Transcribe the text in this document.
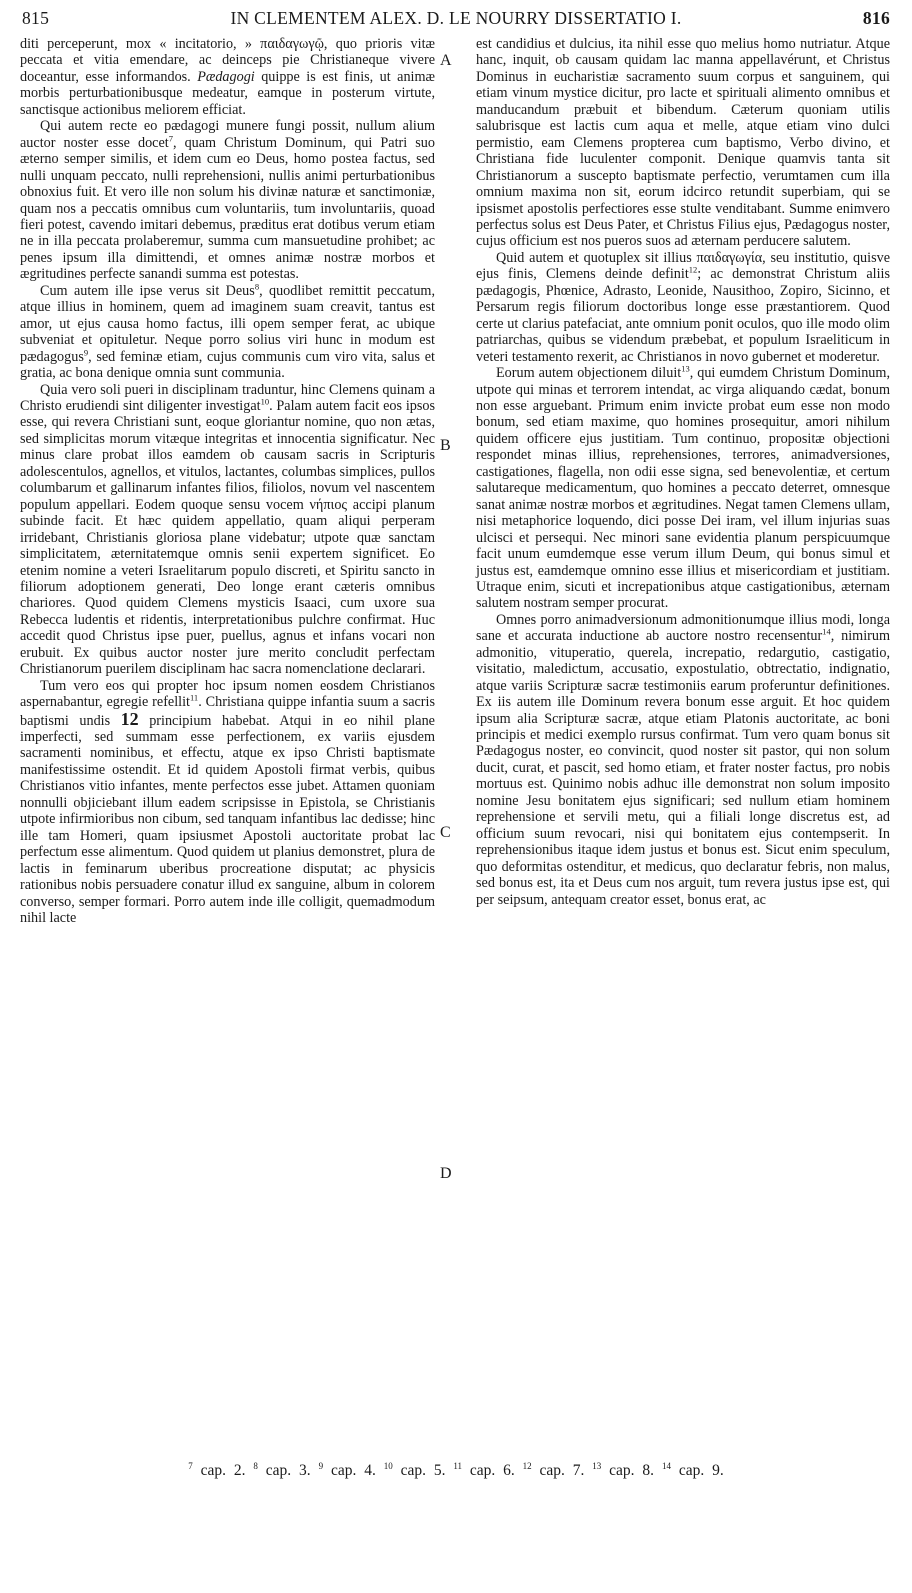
815	IN CLEMENTEM ALEX. D. LE NOURRY DISSERTATIO I.	816

diti perceperunt, mox « incitatorio, » παιδαγωγῷ, quo prioris vitæ peccata et vitia emendare, ac deinceps pie Christianeque vivere doceantur, esse informandos. Pædagogi quippe is est finis, ut animæ morbis perturbationibusque medeatur, eamque in posterum virtute, sanctisque actionibus meliorem efficiat.

Qui autem recte eo pædagogi munere fungi possit, nullum alium auctor noster esse docet$^7$, quam Christum Dominum, qui Patri suo æterno semper similis, et idem cum eo Deus, homo postea factus, sed nulli unquam peccato, nulli reprehensioni, nullis animi perturbationibus obnoxius fuit. Et vero ille non solum his divinæ naturæ et sanctimoniæ, quam nos a peccatis omnibus cum voluntariis, tum involuntariis, quoad fieri potest, cavendo imitari debemus, præditus erat dotibus verum etiam ne in illa peccata prolaberemur, summa cum mansuetudine prohibet; ac penes ipsum illa dimittendi, et omnes animæ nostræ morbos et ægritudines perfecte sanandi summa est potestas.

Cum autem ille ipse verus sit Deus$^8$, quodlibet remittit peccatum, atque illius in hominem, quem ad imaginem suam creavit, tantus est amor, ut ejus causa homo factus, illi opem semper ferat, ac ubique subveniat et opituletur. Neque porro solius viri hunc in modum est pædagogus$^9$, sed feminæ etiam, cujus communis cum viro vita, salus et gratia, ac bona denique omnia sunt communia.

Quia vero soli pueri in disciplinam traduntur, hinc Clemens quinam a Christo erudiendi sint diligenter investigat$^{10}$. Palam autem facit eos ipsos esse, qui revera Christiani sunt, eoque gloriantur nomine, quo non ætas, sed simplicitas morum vitæque integritas et innocentia significatur. Nec minus clare probat illos eamdem ob causam sacris in Scripturis adolescentulos, agnellos, et vitulos, lactantes, columbas simplices, pullos columbarum et gallinarum infantes filios, filiolos, novum vel nascentem populum appellari. Eodem quoque sensu vocem νήπιος accipi planum subinde facit. Et hæc quidem appellatio, quam aliqui perperam irridebant, Christianis gloriosa plane videbatur; utpote quæ sanctam simplicitatem, æternitatemque omnis senii expertem significet. Eo etenim nomine a veteri Israelitarum populo discreti, et Spiritu sancto in filiorum adoptionem generati, Deo longe erant cæteris omnibus chariores. Quod quidem Clemens mysticis Isaaci, cum uxore sua Rebecca ludentis et ridentis, interpretationibus pulchre confirmat. Huc accedit quod Christus ipse puer, puellus, agnus et infans vocari non erubuit. Ex quibus auctor noster jure merito concludit perfectam Christianorum puerilem disciplinam hac sacra nomenclatione declarari.

Tum vero eos qui propter hoc ipsum nomen eosdem Christianos aspernabantur, egregie refellit$^{11}$. Christiana quippe infantia suum a sacris baptismi undis 12 principium habebat. Atqui in eo nihil plane imperfecti, sed summam esse perfectionem, ex variis ejusdem sacramenti nominibus, et effectu, atque ex ipso Christi baptismate manifestissime ostendit. Et id quidem Apostoli firmat verbis, quibus Christianos vitio infantes, mente perfectos esse jubet. Attamen quoniam nonnulli objiciebant illum eadem scripsisse in Epistola, se Christianis utpote infirmioribus non cibum, sed tanquam infantibus lac dedisse; hinc ille tam Homeri, quam ipsiusmet Apostoli auctoritate probat lac perfectum esse alimentum. Quod quidem ut planius demonstret, plura de lactis in feminarum uberibus procreatione disputat; ac physicis rationibus nobis persuadere conatur illud ex sanguine, album in colorem converso, semper formari. Porro autem inde ille colligit, quemadmodum nihil lacte

A
B
C
D

est candidius et dulcius, ita nihil esse quo melius homo nutriatur. Atque hanc, inquit, ob causam quidam lac manna appellavérunt, et Christus Dominus in eucharistiæ sacramento suum corpus et sanguinem, qui etiam vinum mystice dicitur, pro lacte et spirituali alimento omnibus et manducandum præbuit et bibendum. Cæterum quoniam utilis salubrisque est lactis cum aqua et melle, atque etiam vino dulci permistio, eam Clemens propterea cum baptismo, Verbo divino, et Christiana fide luculenter componit. Denique quamvis tanta sit Christianorum a suscepto baptismate perfectio, verumtamen cum illa omnium maxima non sit, eorum idcirco retundit superbiam, qui se ipsismet apostolis perfectiores esse stulte venditabant. Summe enimvero perfectus solus est Deus Pater, et Christus Filius ejus, Pædagogus noster, cujus officium est nos pueros suos ad æternam perducere salutem.

Quid autem et quotuplex sit illius παιδαγωγία, seu institutio, quisve ejus finis, Clemens deinde definit$^{12}$; ac demonstrat Christum aliis pædagogis, Phœnice, Adrasto, Leonide, Nausithoo, Zopiro, Sicinno, et Persarum regis filiorum doctoribus longe esse præstantiorem. Quod certe ut clarius patefaciat, ante omnium ponit oculos, quo ille modo olim patriarchas, quibus se videndum præbebat, et populum Israeliticum in veteri testamento rexerit, ac Christianos in novo gubernet et moderetur.

Eorum autem objectionem diluit$^{13}$, qui eumdem Christum Dominum, utpote qui minas et terrorem intendat, ac virga aliquando cædat, bonum non esse arguebant. Primum enim invicte probat eum esse non modo bonum, sed etiam maxime, quo homines prosequitur, amori nihilum quidem officere ejus justitiam. Tum continuo, propositæ objectioni respondet minas illius, reprehensiones, terrores, animadversiones, castigationes, flagella, non odii esse signa, sed benevolentiæ, et certum salutareque medicamentum, quo homines a peccato deterret, omnesque sanat animæ nostræ morbos et ægritudines. Negat tamen Clemens ullam, nisi metaphorice loquendo, dici posse Dei iram, vel illum injurias suas ulcisci et persequi. Nec minori sane evidentia planum perspicuumque facit unum eumdemque esse verum illum Deum, qui bonus simul et justus est, eamdemque omnino esse illius et misericordiam et justitiam. Utraque enim, sicuti et increpationibus atque castigationibus, æternam salutem nostram semper procurat.

Omnes porro animadversionum admonitionumque illius modi, longa sane et accurata inductione ab auctore nostro recensentur$^{14}$, nimirum admonitio, vituperatio, querela, increpatio, redargutio, castigatio, visitatio, maledictum, accusatio, expostulatio, obtrectatio, indignatio, atque variis Scripturæ sacræ testimoniis earum proferuntur definitiones. Ex iis autem ille Dominum revera bonum esse arguit. Et hoc quidem ipsum alia Scripturæ sacræ, atque etiam Platonis auctoritate, ac boni principis et medici exemplo rursus confirmat. Tum vero quam bonus sit Pædagogus noster, eo convincit, quod noster sit pastor, qui non solum ducit, curat, et pascit, sed homo etiam, et frater noster factus, pro nobis mortuus est. Quinimo nobis adhuc ille demonstrat non solum imposito nomine Jesu bonitatem ejus significari; sed nullum etiam hominem reprehensione et servili metu, qui a filiali longe discretus est, ad officium suum revocari, nisi qui bonitatem ejus contempserit. In reprehensionibus itaque idem justus et bonus est. Sicut enim speculum, quo deformitas ostenditur, et medicus, quo declaratur febris, non malus, sed bonus est, ita et Deus cum nos arguit, tum revera justus ipse est, qui per seipsum, antequam creator esset, bonus erat, ac

$^7$ cap. 2. $^8$ cap. 3. $^9$ cap. 4. $^{10}$ cap. 5. $^{11}$ cap. 6. $^{12}$ cap. 7. $^{13}$ cap. 8. $^{14}$ cap. 9.
